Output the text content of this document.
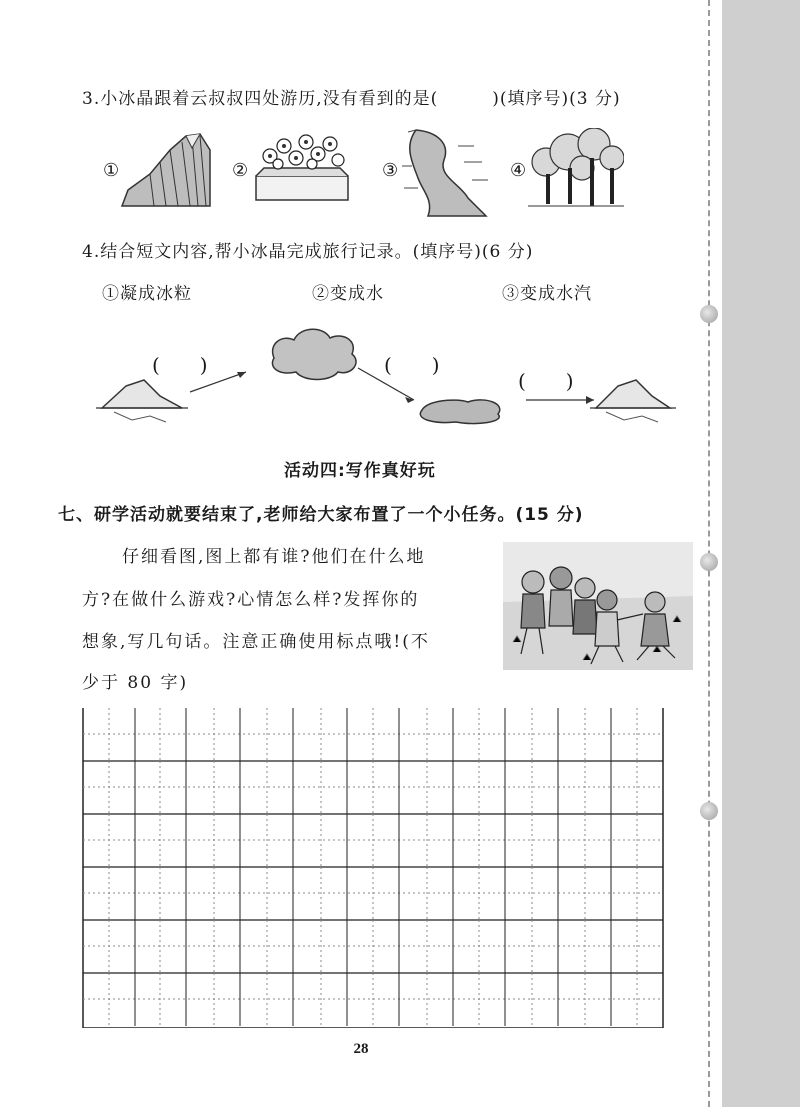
3.小冰晶跟着云叔叔四处游历,没有看到的是(　　　)(填序号)(3 分)
①	②	③	④
4.结合短文内容,帮小冰晶完成旅行记录。(填序号)(6 分)
①凝成冰粒	②变成水	③变成水汽
(　　)	(　　)
(　　)
活动四:写作真好玩
七、研学活动就要结束了,老师给大家布置了一个小任务。(15 分)
仔细看图,图上都有谁?他们在什么地
方?在做什么游戏?心情怎么样?发挥你的
想象,写几句话。注意正确使用标点哦!(不
少于 80 字)
28
